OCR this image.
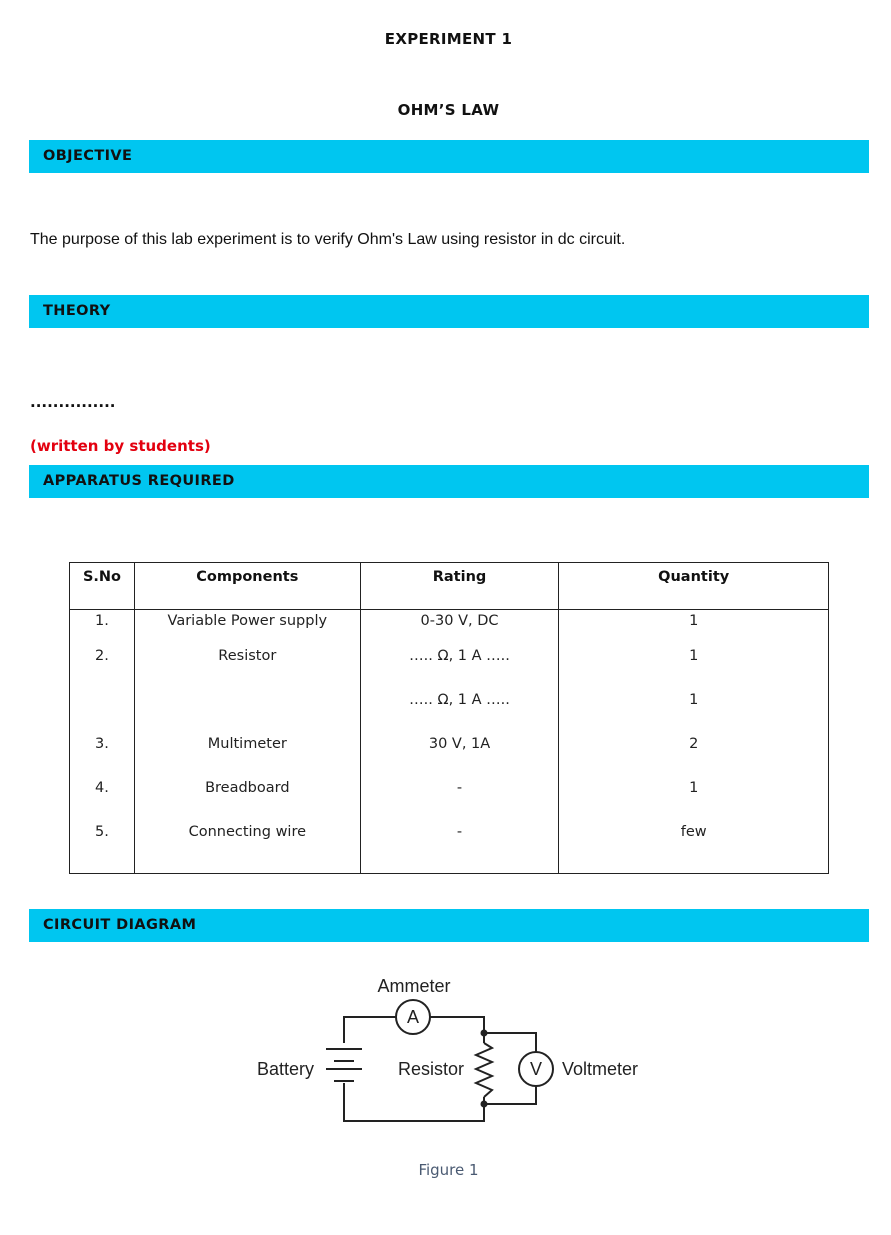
EXPERIMENT 1
OHM’S LAW
OBJECTIVE
The purpose of this lab experiment is to verify Ohm's Law using resistor in dc circuit.
THEORY
...............
(written by students)
APPARATUS REQUIRED
S.No	Components	Rating	Quantity
1.	Variable Power supply	0-30 V, DC	1
2.	Resistor	….. Ω, 1 A …..	1
		….. Ω, 1 A …..	1
3.	Multimeter	30 V, 1A	2
4.	Breadboard	-	1
5.	Connecting wire	-	few
CIRCUIT DIAGRAM
A
V
Ammeter
Battery	Resistor	Voltmeter
Figure 1
